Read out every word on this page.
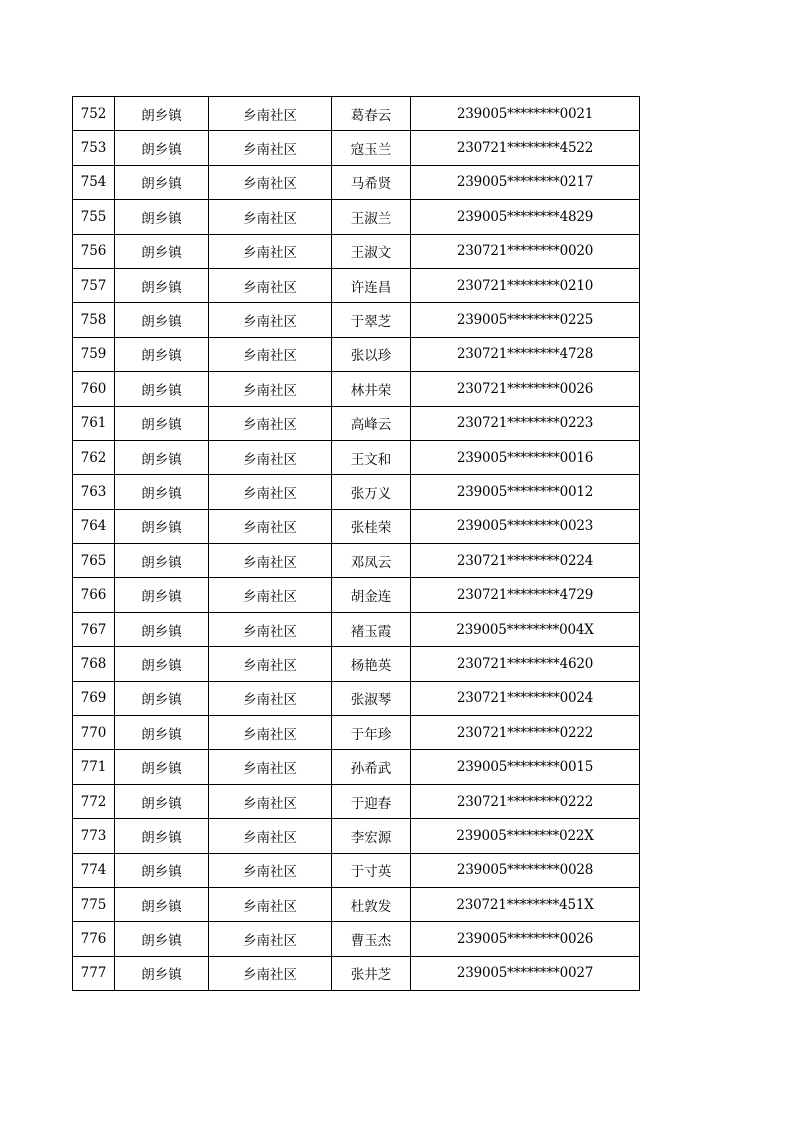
752	朗乡镇	乡南社区	葛春云	239005********0021
753	朗乡镇	乡南社区	寇玉兰	230721********4522
754	朗乡镇	乡南社区	马希贤	239005********0217
755	朗乡镇	乡南社区	王淑兰	239005********4829
756	朗乡镇	乡南社区	王淑文	230721********0020
757	朗乡镇	乡南社区	许连昌	230721********0210
758	朗乡镇	乡南社区	于翠芝	239005********0225
759	朗乡镇	乡南社区	张以珍	230721********4728
760	朗乡镇	乡南社区	林井荣	230721********0026
761	朗乡镇	乡南社区	高峰云	230721********0223
762	朗乡镇	乡南社区	王文和	239005********0016
763	朗乡镇	乡南社区	张万义	239005********0012
764	朗乡镇	乡南社区	张桂荣	239005********0023
765	朗乡镇	乡南社区	邓凤云	230721********0224
766	朗乡镇	乡南社区	胡金连	230721********4729
767	朗乡镇	乡南社区	褚玉霞	239005********004X
768	朗乡镇	乡南社区	杨艳英	230721********4620
769	朗乡镇	乡南社区	张淑琴	230721********0024
770	朗乡镇	乡南社区	于年珍	230721********0222
771	朗乡镇	乡南社区	孙希武	239005********0015
772	朗乡镇	乡南社区	于迎春	230721********0222
773	朗乡镇	乡南社区	李宏源	239005********022X
774	朗乡镇	乡南社区	于寸英	239005********0028
775	朗乡镇	乡南社区	杜敦发	230721********451X
776	朗乡镇	乡南社区	曹玉杰	239005********0026
777	朗乡镇	乡南社区	张井芝	239005********0027
